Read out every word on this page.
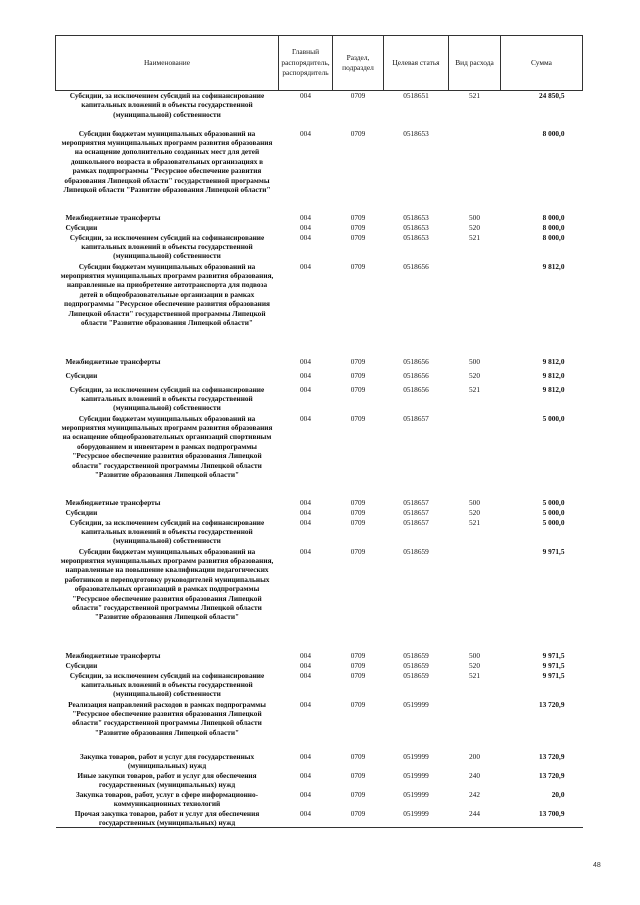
Наименование	Главный распорядитель, распорядитель	Раздел, подраздел	Целевая статья	Вид расхода	Сумма
Субсидии, за исключением субсидий на софинансирование капитальных вложений в объекты государственной (муниципальной) собственности	004	0709	0518651	521	24 850,5
Субсидии бюджетам муниципальных образований на мероприятия муниципальных программ развития образования на оснащение дополнительно созданных мест для детей дошкольного возраста в образовательных организациях в рамках подпрограммы "Ресурсное обеспечение развития образования Липецкой области" государственной программы Липецкой области "Развитие образования Липецкой области"	004	0709	0518653		8 000,0
Межбюджетные трансферты	004	0709	0518653	500	8 000,0
Субсидии	004	0709	0518653	520	8 000,0
Субсидии, за исключением субсидий на софинансирование капитальных вложений в объекты государственной (муниципальной) собственности	004	0709	0518653	521	8 000,0
Субсидии бюджетам муниципальных образований на мероприятия муниципальных программ развития образования, направленные на приобретение автотранспорта для подвоза детей в общеобразовательные организации в рамках подпрограммы "Ресурсное обеспечение развития образования Липецкой области" государственной программы Липецкой области "Развитие образования Липецкой области"	004	0709	0518656		9 812,0
Межбюджетные трансферты	004	0709	0518656	500	9 812,0
Субсидии	004	0709	0518656	520	9 812,0
Субсидии, за исключением субсидий на софинансирование капитальных вложений в объекты государственной (муниципальной) собственности	004	0709	0518656	521	9 812,0
Субсидии бюджетам муниципальных образований на мероприятия муниципальных программ развития образования на оснащение общеобразовательных организаций спортивным оборудованием и инвентарем в рамках подпрограммы "Ресурсное обеспечение развития образования Липецкой области" государственной программы Липецкой области "Развитие образования Липецкой области"	004	0709	0518657		5 000,0
Межбюджетные трансферты	004	0709	0518657	500	5 000,0
Субсидии	004	0709	0518657	520	5 000,0
Субсидии, за исключением субсидий на софинансирование капитальных вложений в объекты государственной (муниципальной) собственности	004	0709	0518657	521	5 000,0
Субсидии бюджетам муниципальных образований на мероприятия муниципальных программ развития образования, направленные на повышение квалификации педагогических работников и переподготовку руководителей муниципальных образовательных организаций в рамках подпрограммы "Ресурсное обеспечение развития образования Липецкой области" государственной программы Липецкой области "Развитие образования Липецкой области"	004	0709	0518659		9 971,5
Межбюджетные трансферты	004	0709	0518659	500	9 971,5
Субсидии	004	0709	0518659	520	9 971,5
Субсидии, за исключением субсидий на софинансирование капитальных вложений в объекты государственной (муниципальной) собственности	004	0709	0518659	521	9 971,5
Реализация направлений расходов в рамках подпрограммы "Ресурсное обеспечение развития образования Липецкой области" государственной программы Липецкой области "Развитие образования Липецкой области"	004	0709	0519999		13 720,9
Закупка товаров, работ и услуг для государственных (муниципальных) нужд	004	0709	0519999	200	13 720,9
Иные закупки товаров, работ и услуг для обеспечения государственных (муниципальных) нужд	004	0709	0519999	240	13 720,9
Закупка товаров, работ, услуг в сфере информационно-коммуникационных технологий	004	0709	0519999	242	20,0
Прочая закупка товаров, работ и услуг для обеспечения государственных (муниципальных) нужд	004	0709	0519999	244	13 700,9
48
